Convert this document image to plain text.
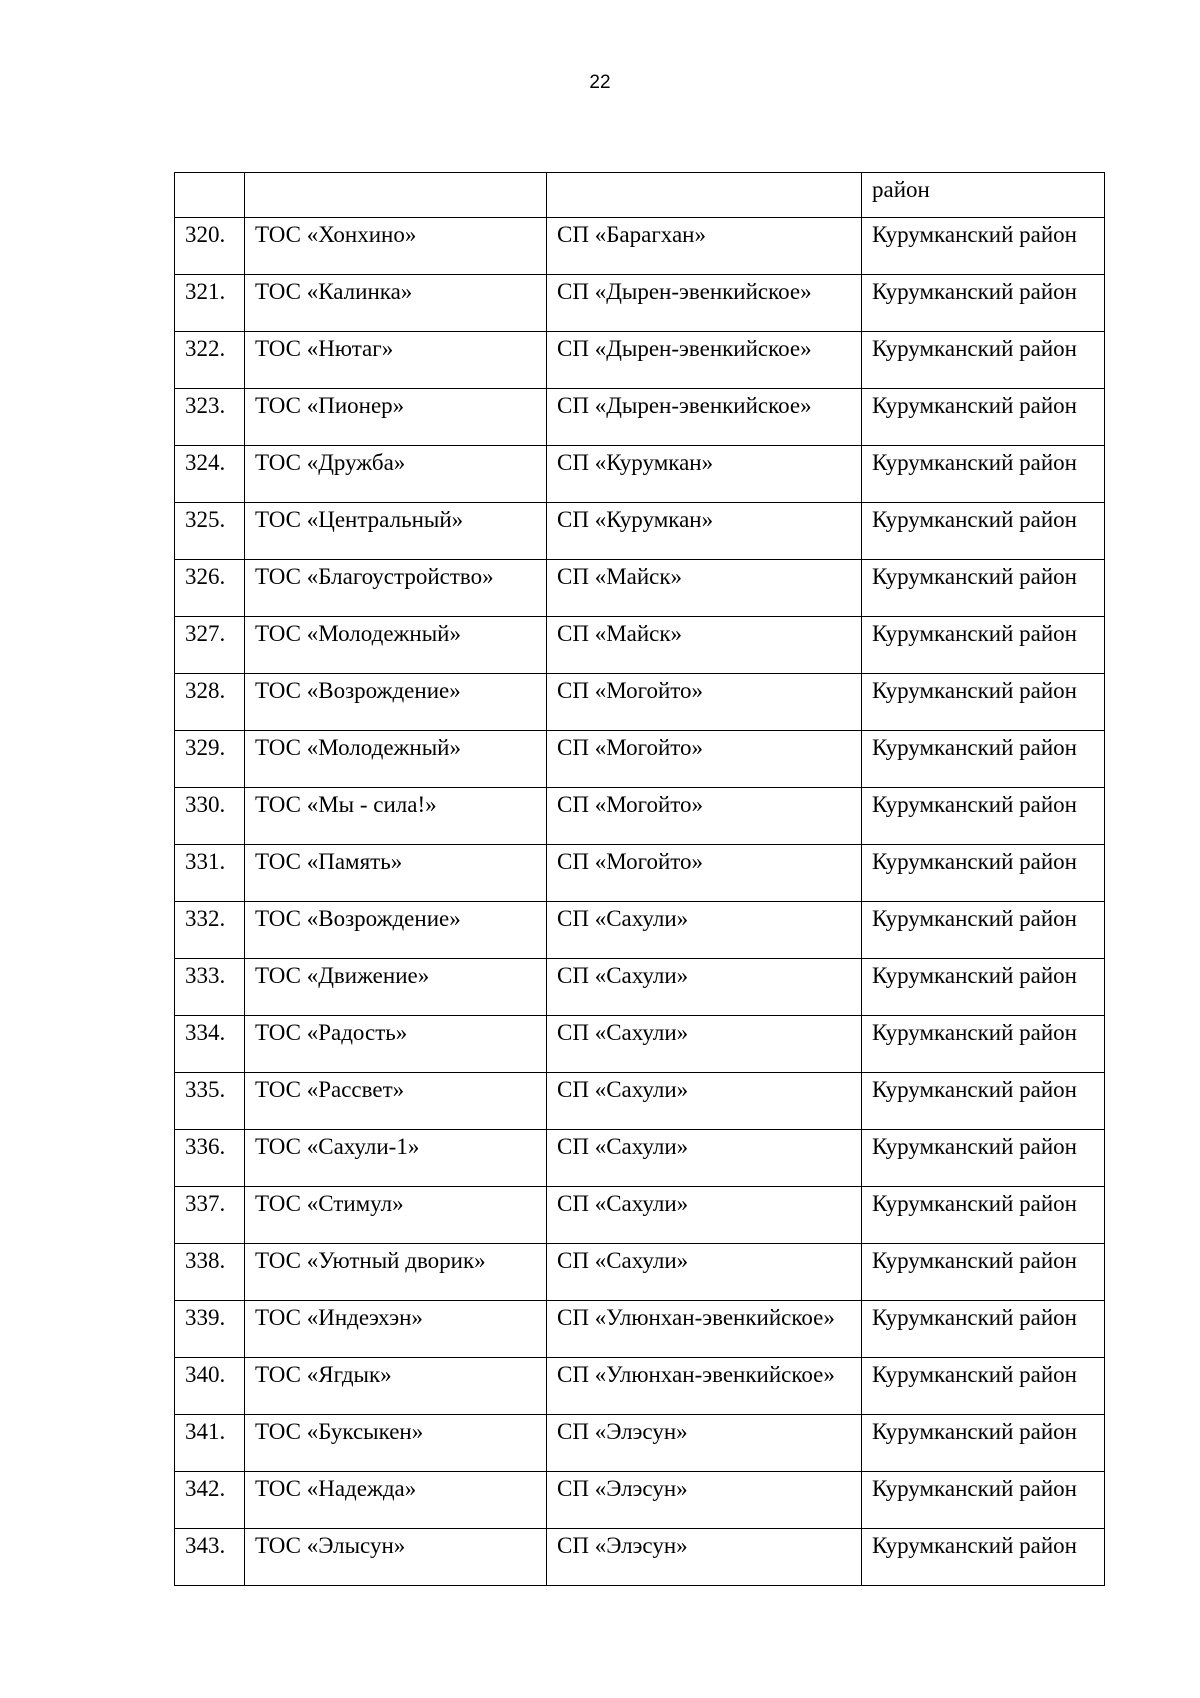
22
			район
320.	ТОС «Хонхино»	СП «Барагхан»	Курумканский район
321.	ТОС «Калинка»	СП «Дырен-эвенкийское»	Курумканский район
322.	ТОС «Нютаг»	СП «Дырен-эвенкийское»	Курумканский район
323.	ТОС «Пионер»	СП «Дырен-эвенкийское»	Курумканский район
324.	ТОС «Дружба»	СП «Курумкан»	Курумканский район
325.	ТОС «Центральный»	СП «Курумкан»	Курумканский район
326.	ТОС «Благоустройство»	СП «Майск»	Курумканский район
327.	ТОС «Молодежный»	СП «Майск»	Курумканский район
328.	ТОС «Возрождение»	СП «Могойто»	Курумканский район
329.	ТОС «Молодежный»	СП «Могойто»	Курумканский район
330.	ТОС «Мы - сила!»	СП «Могойто»	Курумканский район
331.	ТОС «Память»	СП «Могойто»	Курумканский район
332.	ТОС «Возрождение»	СП «Сахули»	Курумканский район
333.	ТОС «Движение»	СП «Сахули»	Курумканский район
334.	ТОС «Радость»	СП «Сахули»	Курумканский район
335.	ТОС «Рассвет»	СП «Сахули»	Курумканский район
336.	ТОС «Сахули-1»	СП «Сахули»	Курумканский район
337.	ТОС «Стимул»	СП «Сахули»	Курумканский район
338.	ТОС «Уютный дворик»	СП «Сахули»	Курумканский район
339.	ТОС «Индеэхэн»	СП «Улюнхан-эвенкийское»	Курумканский район
340.	ТОС «Ягдык»	СП «Улюнхан-эвенкийское»	Курумканский район
341.	ТОС «Буксыкен»	СП «Элэсун»	Курумканский район
342.	ТОС «Надежда»	СП «Элэсун»	Курумканский район
343.	ТОС «Элысун»	СП «Элэсун»	Курумканский район
